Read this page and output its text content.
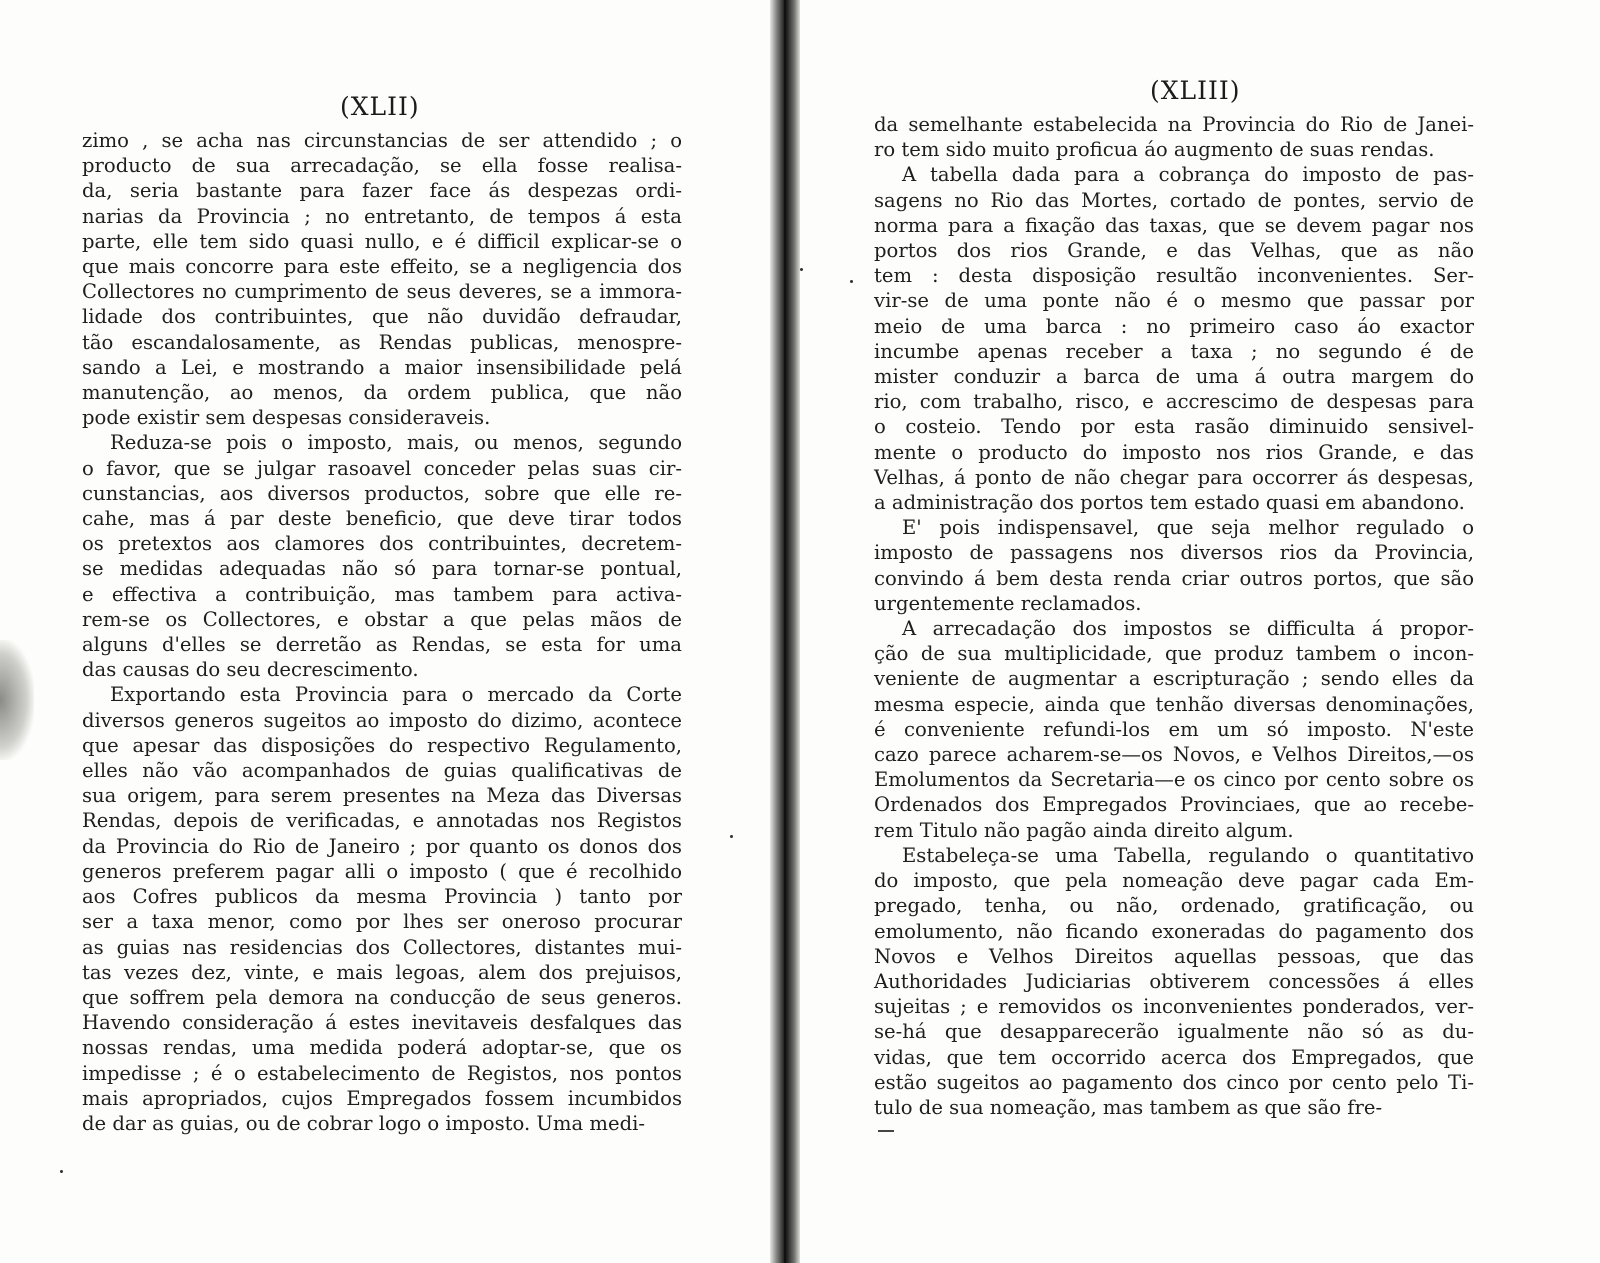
(XLII)
zimo , se acha nas circunstancias de ser attendido ; o
producto de sua arrecadação, se ella fosse realisa-
da, seria bastante para fazer face ás despezas ordi-
narias da Provincia ; no entretanto, de tempos á esta
parte, elle tem sido quasi nullo, e é difficil explicar-se o
que mais concorre para este effeito, se a negligencia dos
Collectores no cumprimento de seus deveres, se a immora-
lidade dos contribuintes, que não duvidão defraudar,
tão escandalosamente, as Rendas publicas, menospre-
sando a Lei, e mostrando a maior insensibilidade pelá
manutenção, ao menos, da ordem publica, que não
pode existir sem despesas consideraveis.
Reduza-se pois o imposto, mais, ou menos, segundo
o favor, que se julgar rasoavel conceder pelas suas cir-
cunstancias, aos diversos productos, sobre que elle re-
cahe, mas á par deste beneficio, que deve tirar todos
os pretextos aos clamores dos contribuintes, decretem-
se medidas adequadas não só para tornar-se pontual,
e effectiva a contribuição, mas tambem para activa-
rem-se os Collectores, e obstar a que pelas mãos de
alguns d'elles se derretão as Rendas, se esta for uma
das causas do seu decrescimento.
Exportando esta Provincia para o mercado da Corte
diversos generos sugeitos ao imposto do dizimo, acontece
que apesar das disposições do respectivo Regulamento,
elles não vão acompanhados de guias qualificativas de
sua origem, para serem presentes na Meza das Diversas
Rendas, depois de verificadas, e annotadas nos Registos
da Provincia do Rio de Janeiro ; por quanto os donos dos
generos preferem pagar alli o imposto ( que é recolhido
aos Cofres publicos da mesma Provincia ) tanto por
ser a taxa menor, como por lhes ser oneroso procurar
as guias nas residencias dos Collectores, distantes mui-
tas vezes dez, vinte, e mais legoas, alem dos prejuisos,
que soffrem pela demora na conducção de seus generos.
Havendo consideração á estes inevitaveis desfalques das
nossas rendas, uma medida poderá adoptar-se, que os
impedisse ; é o estabelecimento de Registos, nos pontos
mais apropriados, cujos Empregados fossem incumbidos
de dar as guias, ou de cobrar logo o imposto. Uma medi-
(XLIII)
da semelhante estabelecida na Provincia do Rio de Janei-
ro tem sido muito proficua áo augmento de suas rendas.
A tabella dada para a cobrança do imposto de pas-
sagens no Rio das Mortes, cortado de pontes, servio de
norma para a fixação das taxas, que se devem pagar nos
portos dos rios Grande, e das Velhas, que as não
tem : desta disposição resultão inconvenientes. Ser-
vir-se de uma ponte não é o mesmo que passar por
meio de uma barca : no primeiro caso áo exactor
incumbe apenas receber a taxa ; no segundo é de
mister conduzir a barca de uma á outra margem do
rio, com trabalho, risco, e accrescimo de despesas para
o costeio. Tendo por esta rasão diminuido sensivel-
mente o producto do imposto nos rios Grande, e das
Velhas, á ponto de não chegar para occorrer ás despesas,
a administração dos portos tem estado quasi em abandono.
E' pois indispensavel, que seja melhor regulado o
imposto de passagens nos diversos rios da Provincia,
convindo á bem desta renda criar outros portos, que são
urgentemente reclamados.
A arrecadação dos impostos se difficulta á propor-
ção de sua multiplicidade, que produz tambem o incon-
veniente de augmentar a escripturação ; sendo elles da
mesma especie, ainda que tenhão diversas denominações,
é conveniente refundi-los em um só imposto. N'este
cazo parece acharem-se—os Novos, e Velhos Direitos,—os
Emolumentos da Secretaria—e os cinco por cento sobre os
Ordenados dos Empregados Provinciaes, que ao recebe-
rem Titulo não pagão ainda direito algum.
Estabeleça-se uma Tabella, regulando o quantitativo
do imposto, que pela nomeação deve pagar cada Em-
pregado, tenha, ou não, ordenado, gratificação, ou
emolumento, não ficando exoneradas do pagamento dos
Novos e Velhos Direitos aquellas pessoas, que das
Authoridades Judiciarias obtiverem concessões á elles
sujeitas ; e removidos os inconvenientes ponderados, ver-
se-há que desapparecerão igualmente não só as du-
vidas, que tem occorrido acerca dos Empregados, que
estão sugeitos ao pagamento dos cinco por cento pelo Ti-
tulo de sua nomeação, mas tambem as que são fre-
